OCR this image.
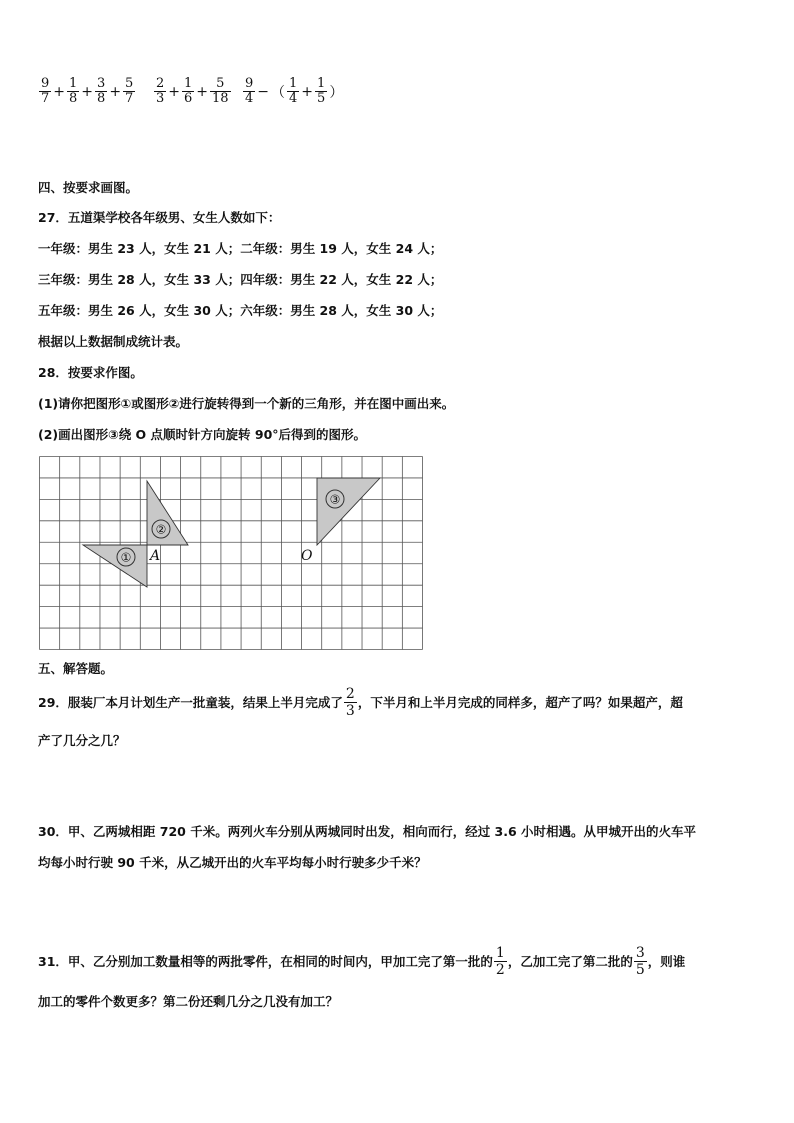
$\frac{9}{7} + \frac{1}{8} + \frac{3}{8} + \frac{5}{7} \frac{2}{3} + \frac{1}{6} + \frac{5}{18} \frac{9}{4}$ − （ $\frac{1}{4} + \frac{1}{5}$ ）
四、按要求画图。
27．五道渠学校各年级男、女生人数如下：
一年级：男生 23 人，女生 21 人；二年级：男生 19 人，女生 24 人；
三年级：男生 28 人，女生 33 人；四年级：男生 22 人，女生 22 人；
五年级：男生 26 人，女生 30 人；六年级：男生 28 人，女生 30 人；
根据以上数据制成统计表。
28．按要求作图。
(1)请你把图形①或图形②进行旋转得到一个新的三角形，并在图中画出来。
(2)画出图形③绕 O 点顺时针方向旋转 90°后得到的图形。
①
②
A
③
O
五、解答题。
29．服装厂本月计划生产一批童装，结果上半月完成了 $\frac{2}{3}$ ，下半月和上半月完成的同样多，超产了吗？如果超产，超
产了几分之几？
30．甲、乙两城相距 720 千米。两列火车分别从两城同时出发，相向而行，经过 3.6 小时相遇。从甲城开出的火车平
均每小时行驶 90 千米，从乙城开出的火车平均每小时行驶多少千米？
31．甲、乙分别加工数量相等的两批零件，在相同的时间内，甲加工完了第一批的 $\frac{1}{2}$ ，乙加工完了第二批的 $\frac{3}{5}$ ，则谁
加工的零件个数更多？第二份还剩几分之几没有加工？
